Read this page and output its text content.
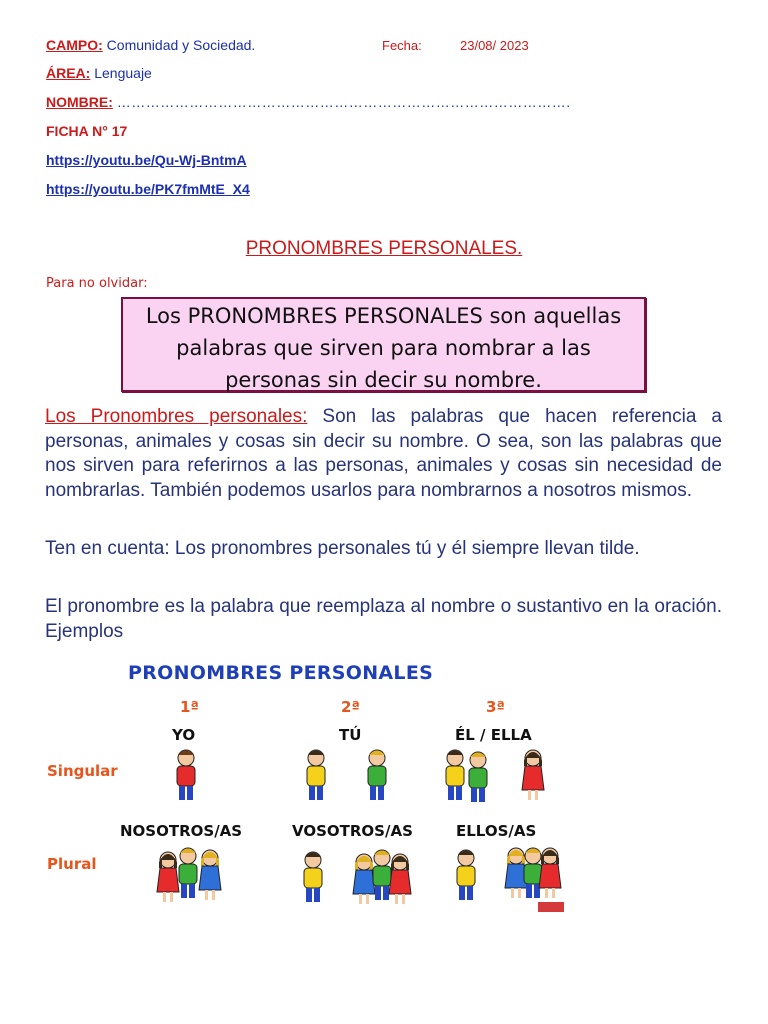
CAMPO: Comunidad y Sociedad.	Fecha:	23/08/ 2023
ÁREA: Lenguaje
NOMBRE: ………………………………………………………………………………….
FICHA N° 17
https://youtu.be/Qu-Wj-BntmA
https://youtu.be/PK7fmMtE_X4
PRONOMBRES PERSONALES.
Para no olvidar:

Los PRONOMBRES PERSONALES son aquellas

palabras que sirven para nombrar a las

personas sin decir su nombre.

Los Pronombres personales: Son las palabras que hacen referencia a personas, animales y cosas sin decir su nombre. O sea, son las palabras que nos sirven para referirnos a las personas, animales y cosas sin necesidad de nombrarlas. También podemos usarlos para nombrarnos a nosotros mismos.
Ten en cuenta: Los pronombres personales tú y él siempre llevan tilde.
El pronombre es la palabra que reemplaza al nombre o sustantivo en la oración. Ejemplos
PRONOMBRES PERSONALES
1ª	2ª	3ª
YO	TÚ	ÉL / ELLA
Singular
NOSOTROS/AS	VOSOTROS/AS	ELLOS/AS
Plural
